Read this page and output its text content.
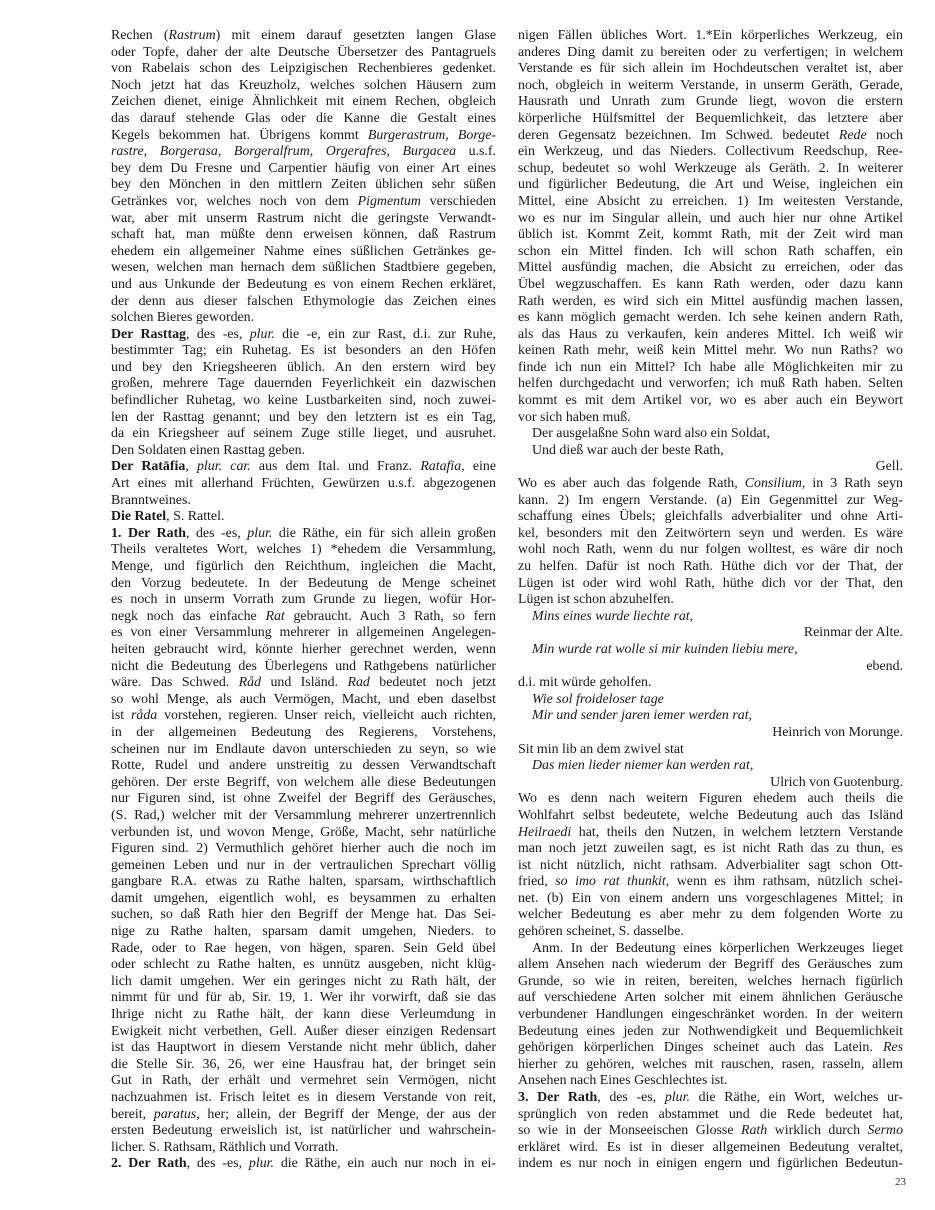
Rechen (Rastrum) mit einem darauf gesetzten langen Glase
oder Topfe, daher der alte Deutsche Übersetzer des Pantagruels
von Rabelais schon des Leipzigischen Rechenbieres gedenket.
Noch jetzt hat das Kreuzholz, welches solchen Häusern zum
Zeichen dienet, einige Ähnlichkeit mit einem Rechen, obgleich
das darauf stehende Glas oder die Kanne die Gestalt eines
Kegels bekommen hat. Übrigens kommt Burgerastrum, Borge-
rastre, Borgerasa, Borgeralfrum, Orgerafres, Burgacea u.s.f.
bey dem Du Fresne und Carpentier häufig von einer Art eines
bey den Mönchen in den mittlern Zeiten üblichen sehr süßen
Getränkes vor, welches noch von dem Pigmentum verschieden
war, aber mit unserm Rastrum nicht die geringste Verwandt-
schaft hat, man müßte denn erweisen können, daß Rastrum
ehedem ein allgemeiner Nahme eines süßlichen Getränkes ge-
wesen, welchen man hernach dem süßlichen Stadtbiere gegeben,
und aus Unkunde der Bedeutung es von einem Rechen erkläret,
der denn aus dieser falschen Ethymologie das Zeichen eines
solchen Bieres geworden.
Der Rasttag, des -es, plur. die -e, ein zur Rast, d.i. zur Ruhe,
bestimmter Tag; ein Ruhetag. Es ist besonders an den Höfen
und bey den Kriegsheeren üblich. An den erstern wird bey
großen, mehrere Tage dauernden Feyerlichkeit ein dazwischen
befindlicher Ruhetag, wo keine Lustbarkeiten sind, noch zuwei-
len der Rasttag genannt; und bey den letztern ist es ein Tag,
da ein Kriegsheer auf seinem Zuge stille lieget, und ausruhet.
Den Soldaten einen Rasttag geben.
Der Ratāfia, plur. car. aus dem Ital. und Franz. Ratafia, eine
Art eines mit allerhand Früchten, Gewürzen u.s.f. abgezogenen
Branntweines.
Die Ratel, S. Rattel.
1. Der Rath, des -es, plur. die Räthe, ein für sich allein großen
Theils veraltetes Wort, welches 1) *ehedem die Versammlung,
Menge, und figürlich den Reichthum, ingleichen die Macht,
den Vorzug bedeutete. In der Bedeutung de Menge scheinet
es noch in unserm Vorrath zum Grunde zu liegen, wofür Hor-
negk noch das einfache Rat gebraucht. Auch 3 Rath, so fern
es von einer Versammlung mehrerer in allgemeinen Angelegen-
heiten gebraucht wird, könnte hierher gerechnet werden, wenn
nicht die Bedeutung des Überlegens und Rathgebens natürlicher
wäre. Das Schwed. Råd und Isländ. Rad bedeutet noch jetzt
so wohl Menge, als auch Vermögen, Macht, und eben daselbst
ist råda vorstehen, regieren. Unser reich, vielleicht auch richten,
in der allgemeinen Bedeutung des Regierens, Vorstehens,
scheinen nur im Endlaute davon unterschieden zu seyn, so wie
Rotte, Rudel und andere unstreitig zu dessen Verwandtschaft
gehören. Der erste Begriff, von welchem alle diese Bedeutungen
nur Figuren sind, ist ohne Zweifel der Begriff des Geräusches,
(S. Rad,) welcher mit der Versammlung mehrerer unzertrennlich
verbunden ist, und wovon Menge, Größe, Macht, sehr natürliche
Figuren sind. 2) Vermuthlich gehöret hierher auch die noch im
gemeinen Leben und nur in der vertraulichen Sprechart völlig
gangbare R.A. etwas zu Rathe halten, sparsam, wirthschaftlich
damit umgehen, eigentlich wohl, es beysammen zu erhalten
suchen, so daß Rath hier den Begriff der Menge hat. Das Sei-
nige zu Rathe halten, sparsam damit umgehen, Nieders. to
Rade, oder to Rae hegen, von hägen, sparen. Sein Geld übel
oder schlecht zu Rathe halten, es unnütz ausgeben, nicht klüg-
lich damit umgehen. Wer ein geringes nicht zu Rath hält, der
nimmt für und für ab, Sir. 19, 1. Wer ihr vorwirft, daß sie das
Ihrige nicht zu Rathe hält, der kann diese Verleumdung in
Ewigkeit nicht verbethen, Gell. Außer dieser einzigen Redensart
ist das Hauptwort in diesem Verstande nicht mehr üblich, daher
die Stelle Sir. 36, 26, wer eine Hausfrau hat, der bringet sein
Gut in Rath, der erhält und vermehret sein Vermögen, nicht
nachzuahmen ist. Frisch leitet es in diesem Verstande von reit,
bereit, paratus, her; allein, der Begriff der Menge, der aus der
ersten Bedeutung erweislich ist, ist natürlicher und wahrschein-
licher. S. Rathsam, Räthlich und Vorrath.
2. Der Rath, des -es, plur. die Räthe, ein auch nur noch in ei-
nigen Fällen übliches Wort. 1.*Ein körperliches Werkzeug, ein
anderes Ding damit zu bereiten oder zu verfertigen; in welchem
Verstande es für sich allein im Hochdeutschen veraltet ist, aber
noch, obgleich in weiterm Verstande, in unserm Geräth, Gerade,
Hausrath und Unrath zum Grunde liegt, wovon die erstern
körperliche Hülfsmittel der Bequemlichkeit, das letztere aber
deren Gegensatz bezeichnen. Im Schwed. bedeutet Rede noch
ein Werkzeug, und das Nieders. Collectivum Reedschup, Ree-
schup, bedeutet so wohl Werkzeuge als Geräth. 2. In weiterer
und figürlicher Bedeutung, die Art und Weise, ingleichen ein
Mittel, eine Absicht zu erreichen. 1) Im weitesten Verstande,
wo es nur im Singular allein, und auch hier nur ohne Artikel
üblich ist. Kommt Zeit, kommt Rath, mit der Zeit wird man
schon ein Mittel finden. Ich will schon Rath schaffen, ein
Mittel ausfündig machen, die Absicht zu erreichen, oder das
Übel wegzuschaffen. Es kann Rath werden, oder dazu kann
Rath werden, es wird sich ein Mittel ausfündig machen lassen,
es kann möglich gemacht werden. Ich sehe keinen andern Rath,
als das Haus zu verkaufen, kein anderes Mittel. Ich weiß wir
keinen Rath mehr, weiß kein Mittel mehr. Wo nun Raths? wo
finde ich nun ein Mittel? Ich habe alle Möglichkeiten mir zu
helfen durchgedacht und verworfen; ich muß Rath haben. Selten
kommt es mit dem Artikel vor, wo es aber auch ein Beywort
vor sich haben muß.
Der ausgelaßne Sohn ward also ein Soldat,
Und dieß war auch der beste Rath,
Gell.
Wo es aber auch das folgende Rath, Consilium, in 3 Rath seyn
kann. 2) Im engern Verstande. (a) Ein Gegenmittel zur Weg-
schaffung eines Übels; gleichfalls adverbialiter und ohne Arti-
kel, besonders mit den Zeitwörtern seyn und werden. Es wäre
wohl noch Rath, wenn du nur folgen wolltest, es wäre dir noch
zu helfen. Dafür ist noch Rath. Hüthe dich vor der That, der
Lügen ist oder wird wohl Rath, hüthe dich vor der That, den
Lügen ist schon abzuhelfen.
Mins eines wurde liechte rat,
Reinmar der Alte.
Min wurde rat wolle si mir kuinden liebiu mere,
ebend.
d.i. mit würde geholfen.
Wie sol froideloser tage
Mir und sender jaren iemer werden rat,
Heinrich von Morunge.
Sit min lib an dem zwivel stat
Das mien lieder niemer kan werden rat,
Ulrich von Guotenburg.
Wo es denn nach weitern Figuren ehedem auch theils die
Wohlfahrt selbst bedeutete, welche Bedeutung auch das Isländ
Heilraedi hat, theils den Nutzen, in welchem letztern Verstande
man noch jetzt zuweilen sagt, es ist nicht Rath das zu thun, es
ist nicht nützlich, nicht rathsam. Adverbialiter sagt schon Ott-
fried, so imo rat thunkit, wenn es ihm rathsam, nützlich schei-
net. (b) Ein von einem andern uns vorgeschlagenes Mittel; in
welcher Bedeutung es aber mehr zu dem folgenden Worte zu
gehören scheinet, S. dasselbe.
Anm. In der Bedeutung eines körperlichen Werkzeuges lieget
allem Ansehen nach wiederum der Begriff des Geräusches zum
Grunde, so wie in reiten, bereiten, welches hernach figürlich
auf verschiedene Arten solcher mit einem ähnlichen Geräusche
verbundener Handlungen eingeschränket worden. In der weitern
Bedeutung eines jeden zur Nothwendigkeit und Bequemlichkeit
gehörigen körperlichen Dinges scheinet auch das Latein. Res
hierher zu gehören, welches mit rauschen, rasen, rasseln, allem
Ansehen nach Eines Geschlechtes ist.
3. Der Rath, des -es, plur. die Räthe, ein Wort, welches ur-
sprünglich von reden abstammet und die Rede bedeutet hat,
so wie in der Monseeischen Glosse Rath wirklich durch Sermo
erkläret wird. Es ist in dieser allgemeinen Bedeutung veraltet,
indem es nur noch in einigen engern und figürlichen Bedeutun-
23
